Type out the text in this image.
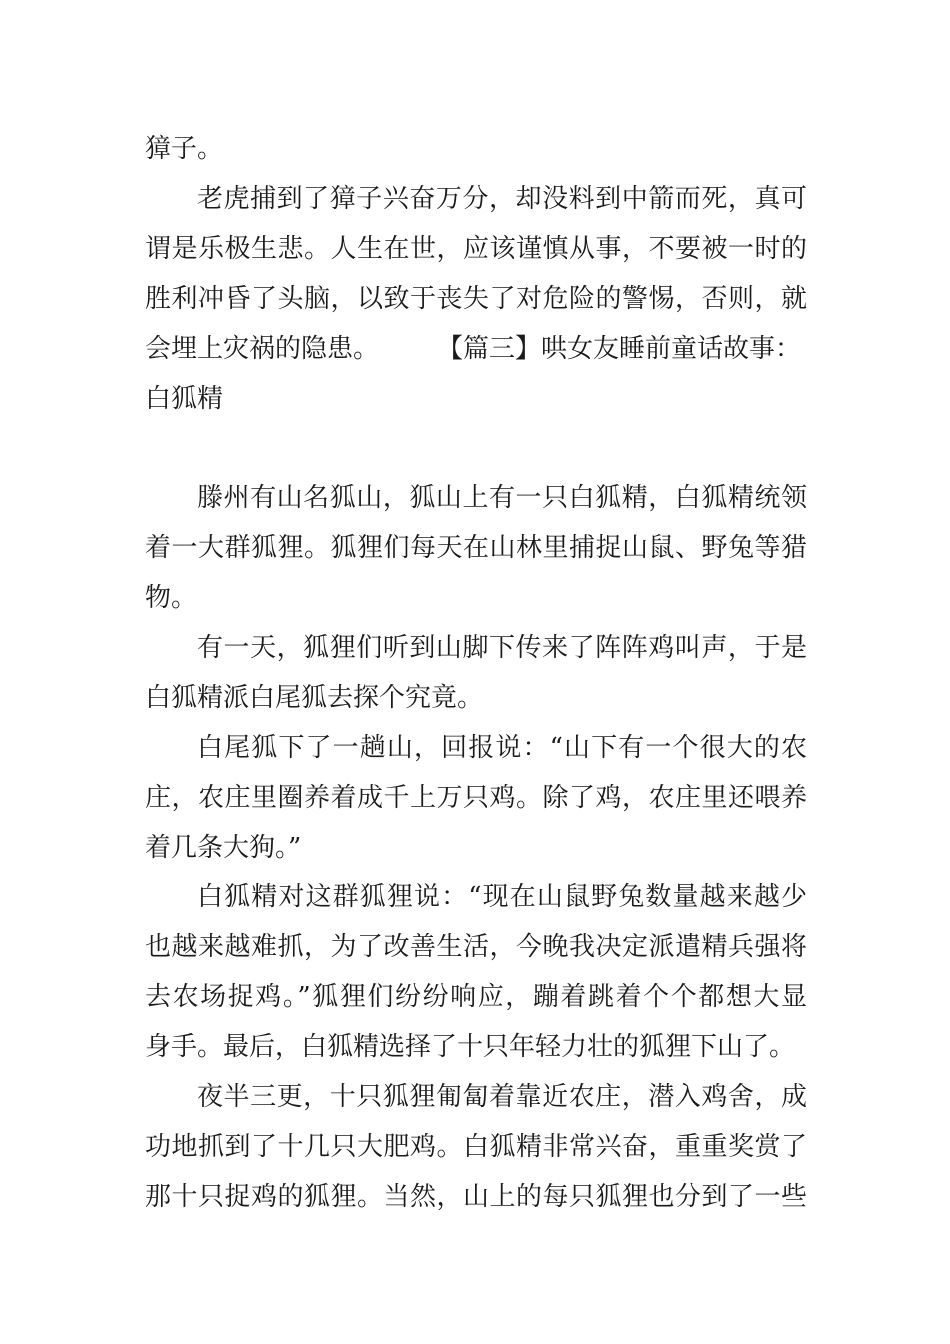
獐子。
老虎捕到了獐子兴奋万分，却没料到中箭而死，真可
谓是乐极生悲。人生在世，应该谨慎从事，不要被一时的
胜利冲昏了头脑，以致于丧失了对危险的警惕，否则，就
会埋上灾祸的隐患。 【篇三】哄女友睡前童话故事：
白狐精
滕州有山名狐山，狐山上有一只白狐精，白狐精统领
着一大群狐狸。狐狸们每天在山林里捕捉山鼠、野兔等猎
物。
有一天，狐狸们听到山脚下传来了阵阵鸡叫声，于是
白狐精派白尾狐去探个究竟。
白尾狐下了一趟山，回报说：“山下有一个很大的农
庄，农庄里圈养着成千上万只鸡。除了鸡，农庄里还喂养
着几条大狗。”
白狐精对这群狐狸说：“现在山鼠野兔数量越来越少
也越来越难抓，为了改善生活，今晚我决定派遣精兵强将
去农场捉鸡。”狐狸们纷纷响应，蹦着跳着个个都想大显
身手。最后，白狐精选择了十只年轻力壮的狐狸下山了。
夜半三更，十只狐狸匍匐着靠近农庄，潜入鸡舍，成
功地抓到了十几只大肥鸡。白狐精非常兴奋，重重奖赏了
那十只捉鸡的狐狸。当然，山上的每只狐狸也分到了一些
